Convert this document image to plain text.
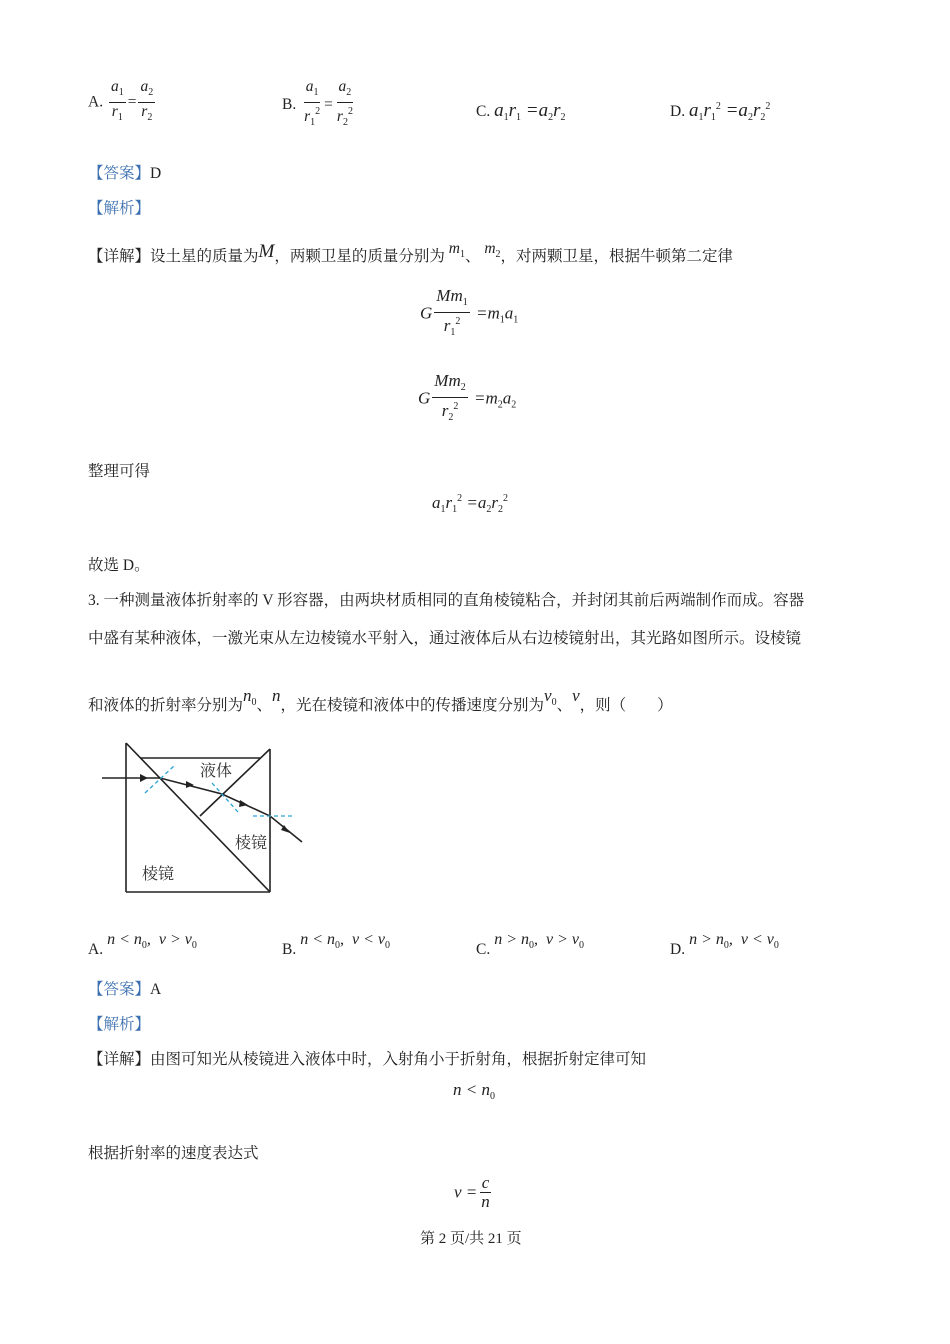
A. $\frac{a_1}{r_1} = \frac{a_2}{r_2}$	B. $\frac{a_1}{r_1^2} = \frac{a_2}{r_2^2}$	C. $a_1r_1 =a_2r_2$	D. $a_1r_1^2 =a_2r_2^2$
【答案】D
【解析】
【详解】设土星的质量为M，两颗卫星的质量分别为 $m_1$、 $m_2$，对两颗卫星，根据牛顿第二定律
G $\frac{Mm_1}{r_1^2} =m_1a_1$
G $\frac{Mm_2}{r_2^2} =m_2a_2$
整理可得
$a_1r_1^2 =a_2r_2^2$
故选 D。
3. 一种测量液体折射率的 V 形容器，由两块材质相同的直角棱镜粘合，并封闭其前后两端制作而成。容器
中盛有某种液体，一激光束从左边棱镜水平射入，通过液体后从右边棱镜射出，其光路如图所示。设棱镜
和液体的折射率分别为$n_0$、n，光在棱镜和液体中的传播速度分别为$v_0$、v，则（　　）
液体
棱镜
棱镜
$A.n < n_0$,  $v > v_0$	$B.n < n_0$,  $v < v_0$	$C.n > n_0$,  $v > v_0$	$D.n > n_0$,  $v < v_0$
【答案】A
【解析】
【详解】由图可知光从棱镜进入液体中时，入射角小于折射角，根据折射定律可知
$n < n_0$
根据折射率的速度表达式
$v = \frac{c}{n}$
第 2 页/共 21 页
